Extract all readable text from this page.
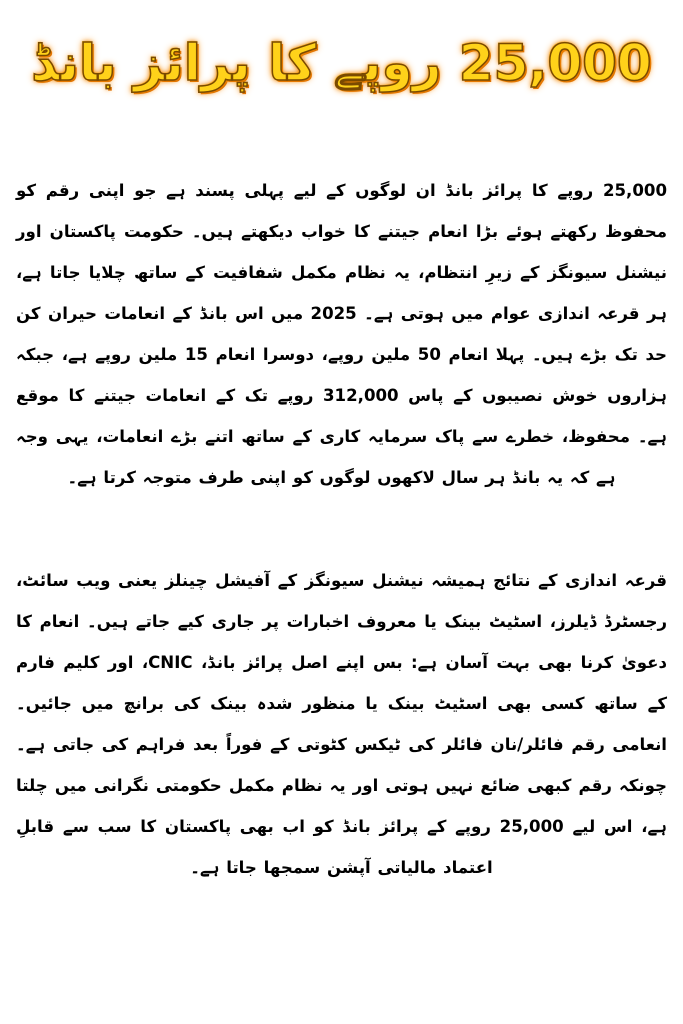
25,000 روپے کا پرائز بانڈ

25,000 روپے کا پرائز بانڈ ان لوگوں کے لیے پہلی پسند ہے جو اپنی رقم کو محفوظ رکھتے ہوئے بڑا انعام جیتنے کا خواب دیکھتے ہیں۔ حکومت پاکستان اور نیشنل سیونگز کے زیرِ انتظام، یہ نظام مکمل شفافیت کے ساتھ چلایا جاتا ہے، ہر قرعہ اندازی عوام میں ہوتی ہے۔ 2025 میں اس بانڈ کے انعامات حیران کن حد تک بڑے ہیں۔ پہلا انعام 50 ملین روپے، دوسرا انعام 15 ملین روپے ہے، جبکہ ہزاروں خوش نصیبوں کے پاس 312,000 روپے تک کے انعامات جیتنے کا موقع ہے۔ محفوظ، خطرے سے پاک سرمایہ کاری کے ساتھ اتنے بڑے انعامات، یہی وجہ ہے کہ یہ بانڈ ہر سال لاکھوں لوگوں کو اپنی طرف متوجہ کرتا ہے۔

قرعہ اندازی کے نتائج ہمیشہ نیشنل سیونگز کے آفیشل چینلز یعنی ویب سائٹ، رجسٹرڈ ڈیلرز، اسٹیٹ بینک یا معروف اخبارات پر جاری کیے جاتے ہیں۔ انعام کا دعویٰ کرنا بھی بہت آسان ہے: بس اپنے اصل پرائز بانڈ، CNIC، اور کلیم فارم کے ساتھ کسی بھی اسٹیٹ بینک یا منظور شدہ بینک کی برانچ میں جائیں۔ انعامی رقم فائلر/نان فائلر کی ٹیکس کٹوتی کے فوراً بعد فراہم کی جاتی ہے۔ چونکہ رقم کبھی ضائع نہیں ہوتی اور یہ نظام مکمل حکومتی نگرانی میں چلتا ہے، اس لیے 25,000 روپے کے پرائز بانڈ کو اب بھی پاکستان کا سب سے قابلِ اعتماد مالیاتی آپشن سمجھا جاتا ہے۔
